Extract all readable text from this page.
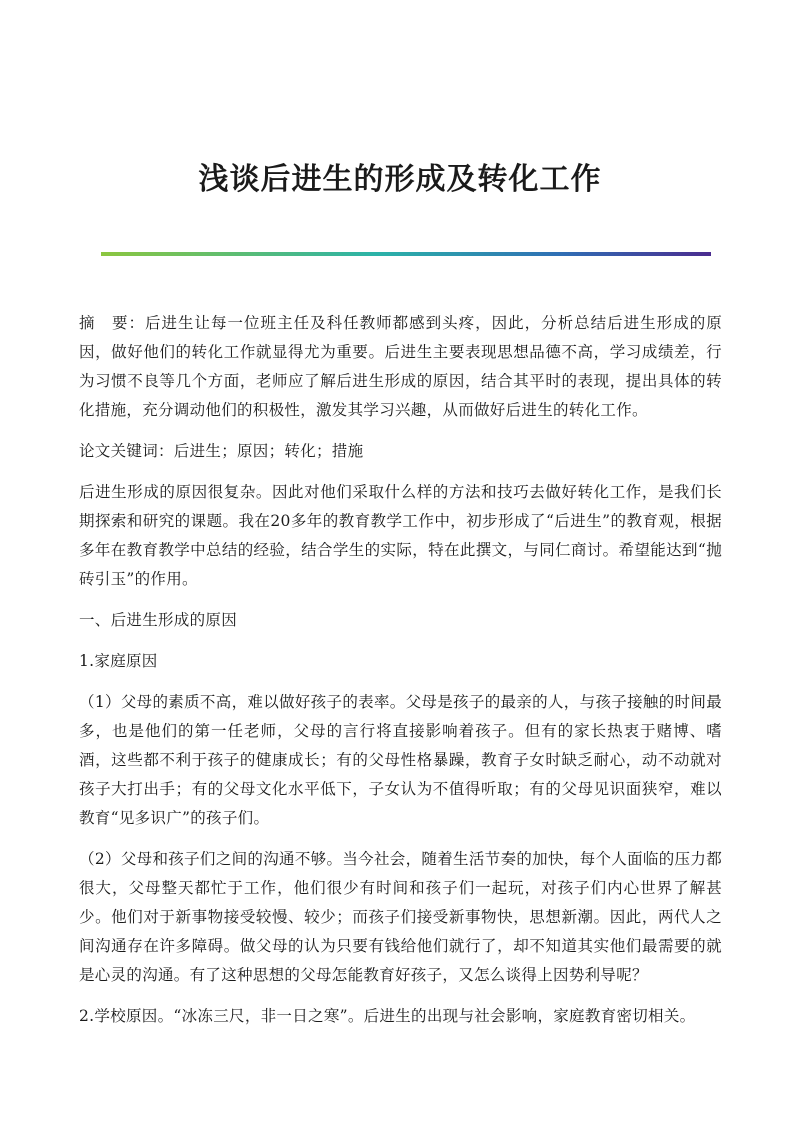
浅谈后进生的形成及转化工作

摘　要：后进生让每一位班主任及科任教师都感到头疼，因此，分析总结后进生形成的原因，做好他们的转化工作就显得尤为重要。后进生主要表现思想品德不高，学习成绩差，行为习惯不良等几个方面，老师应了解后进生形成的原因，结合其平时的表现，提出具体的转化措施，充分调动他们的积极性，激发其学习兴趣，从而做好后进生的转化工作。

论文关键词：后进生；原因；转化；措施

后进生形成的原因很复杂。因此对他们采取什么样的方法和技巧去做好转化工作，是我们长期探索和研究的课题。我在20多年的教育教学工作中，初步形成了“后进生”的教育观，根据多年在教育教学中总结的经验，结合学生的实际，特在此撰文，与同仁商讨。希望能达到“抛砖引玉”的作用。

一、后进生形成的原因

1.家庭原因

（1）父母的素质不高，难以做好孩子的表率。父母是孩子的最亲的人，与孩子接触的时间最多，也是他们的第一任老师，父母的言行将直接影响着孩子。但有的家长热衷于赌博、嗜酒，这些都不利于孩子的健康成长；有的父母性格暴躁，教育子女时缺乏耐心，动不动就对孩子大打出手；有的父母文化水平低下，子女认为不值得听取；有的父母见识面狭窄，难以教育“见多识广”的孩子们。

（2）父母和孩子们之间的沟通不够。当今社会，随着生活节奏的加快，每个人面临的压力都很大，父母整天都忙于工作，他们很少有时间和孩子们一起玩，对孩子们内心世界了解甚少。他们对于新事物接受较慢、较少；而孩子们接受新事物快，思想新潮。因此，两代人之间沟通存在许多障碍。做父母的认为只要有钱给他们就行了，却不知道其实他们最需要的就是心灵的沟通。有了这种思想的父母怎能教育好孩子，又怎么谈得上因势利导呢？

2.学校原因。“冰冻三尺，非一日之寒”。后进生的出现与社会影响，家庭教育密切相关。
